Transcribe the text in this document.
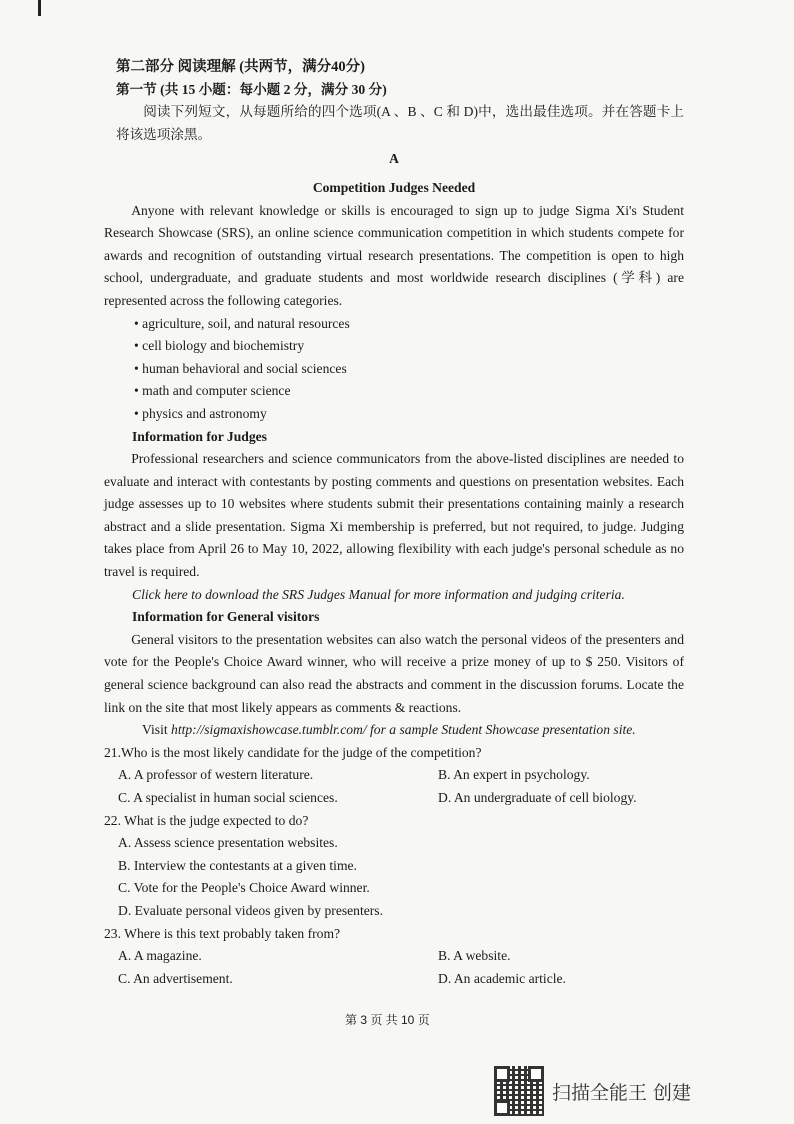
第二部分 阅读理解 (共两节，满分40分)
第一节 (共 15 小题：每小题 2 分，满分 30 分)

阅读下列短文，从每题所给的四个选项(A 、B 、C 和 D)中，选出最佳选项。并在答题卡上将该选项涂黑。

A
Competition Judges Needed

Anyone with relevant knowledge or skills is encouraged to sign up to judge Sigma Xi's Student Research Showcase (SRS), an online science communication competition in which students compete for awards and recognition of outstanding virtual research presentations. The competition is open to high school, undergraduate, and graduate students and most worldwide research disciplines (学科) are represented across the following categories.

• agriculture, soil, and natural resources
• cell biology and biochemistry
• human behavioral and social sciences
• math and computer science
• physics and astronomy
Information for Judges

Professional researchers and science communicators from the above-listed disciplines are needed to evaluate and interact with contestants by posting comments and questions on presentation websites. Each judge assesses up to 10 websites where students submit their presentations containing mainly a research abstract and a slide presentation. Sigma Xi membership is preferred, but not required, to judge. Judging takes place from April 26 to May 10, 2022, allowing flexibility with each judge's personal schedule as no travel is required.

Click here to download the SRS Judges Manual for more information and judging criteria.
Information for General visitors

General visitors to the presentation websites can also watch the personal videos of the presenters and vote for the People's Choice Award winner, who will receive a prize money of up to $ 250. Visitors of general science background can also read the abstracts and comment in the discussion forums. Locate the link on the site that most likely appears as comments & reactions.

Visit http://sigmaxishowcase.tumblr.com/ for a sample Student Showcase presentation site.
21.Who is the most likely candidate for the judge of the competition?
A. A professor of western literature.	B. An expert in psychology.
C. A specialist in human social sciences.	D. An undergraduate of cell biology.
22. What is the judge expected to do?
A. Assess science presentation websites.
B. Interview the contestants at a given time.
C. Vote for the People's Choice Award winner.
D. Evaluate personal videos given by presenters.
23. Where is this text probably taken from?
A. A magazine.	B. A website.
C. An advertisement.	D. An academic article.
第 3 页 共 10 页
扫描全能王 创建
